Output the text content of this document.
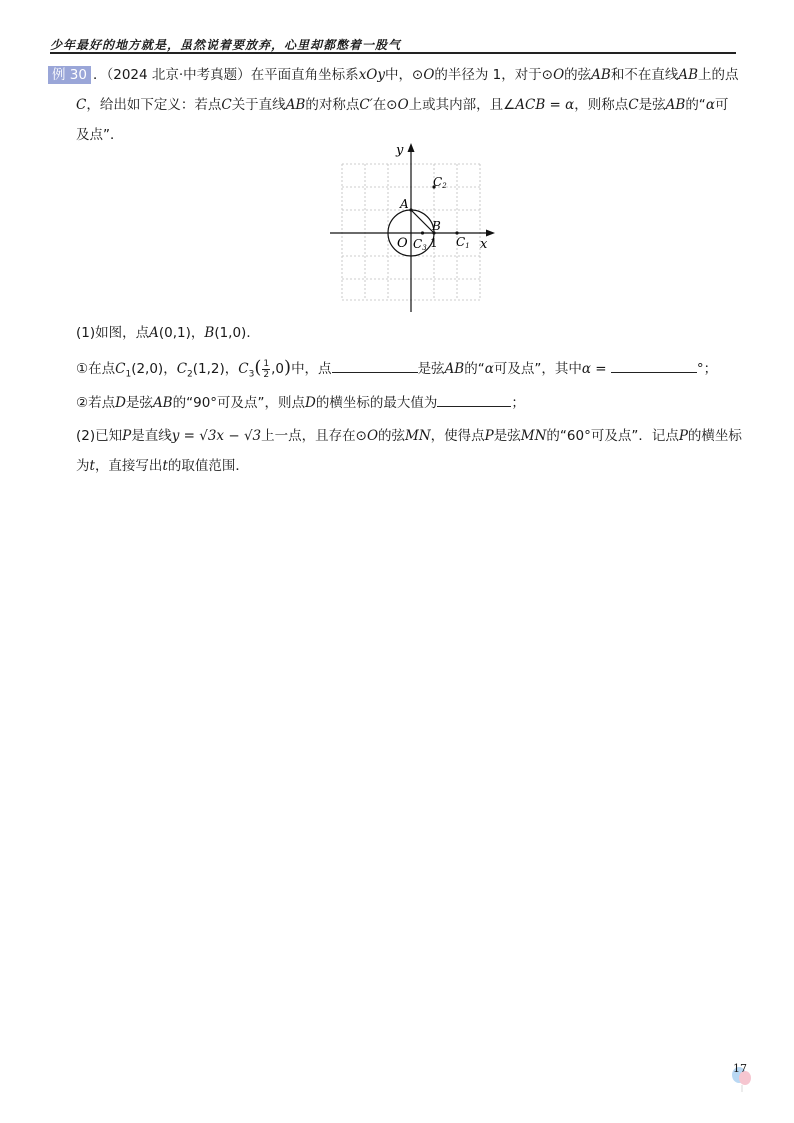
少年最好的地方就是，虽然说着要放弃，心里却都憋着一股气

例 30 ．（2024 北京·中考真题）在平面直角坐标系xOy中，⊙O的半径为 1，对于⊙O的弦AB和不在直线AB上的点

C，给出如下定义：若点C关于直线AB的对称点C′在⊙O上或其内部，且∠ACB = α，则称点C是弦AB的“α可

及点”．

y
x
O
A
B
1
C3 C1
C2
(1)如图，点A(0,1)，B(1,0)．
①在点$C_1(2,0)$，$C_2(1,2)$，$C_3( \frac{1}{2} ,0)$中，点	是弦AB的“α可及点”，其中α =	°；
②若点D是弦AB的“90°可及点”，则点D的横坐标的最大值为	；
(2)已知P是直线y = √3x − √3上一点，且存在⊙O的弦MN，使得点P是弦MN的“60°可及点”．记点P的横坐标
为t，直接写出t的取值范围．
17
